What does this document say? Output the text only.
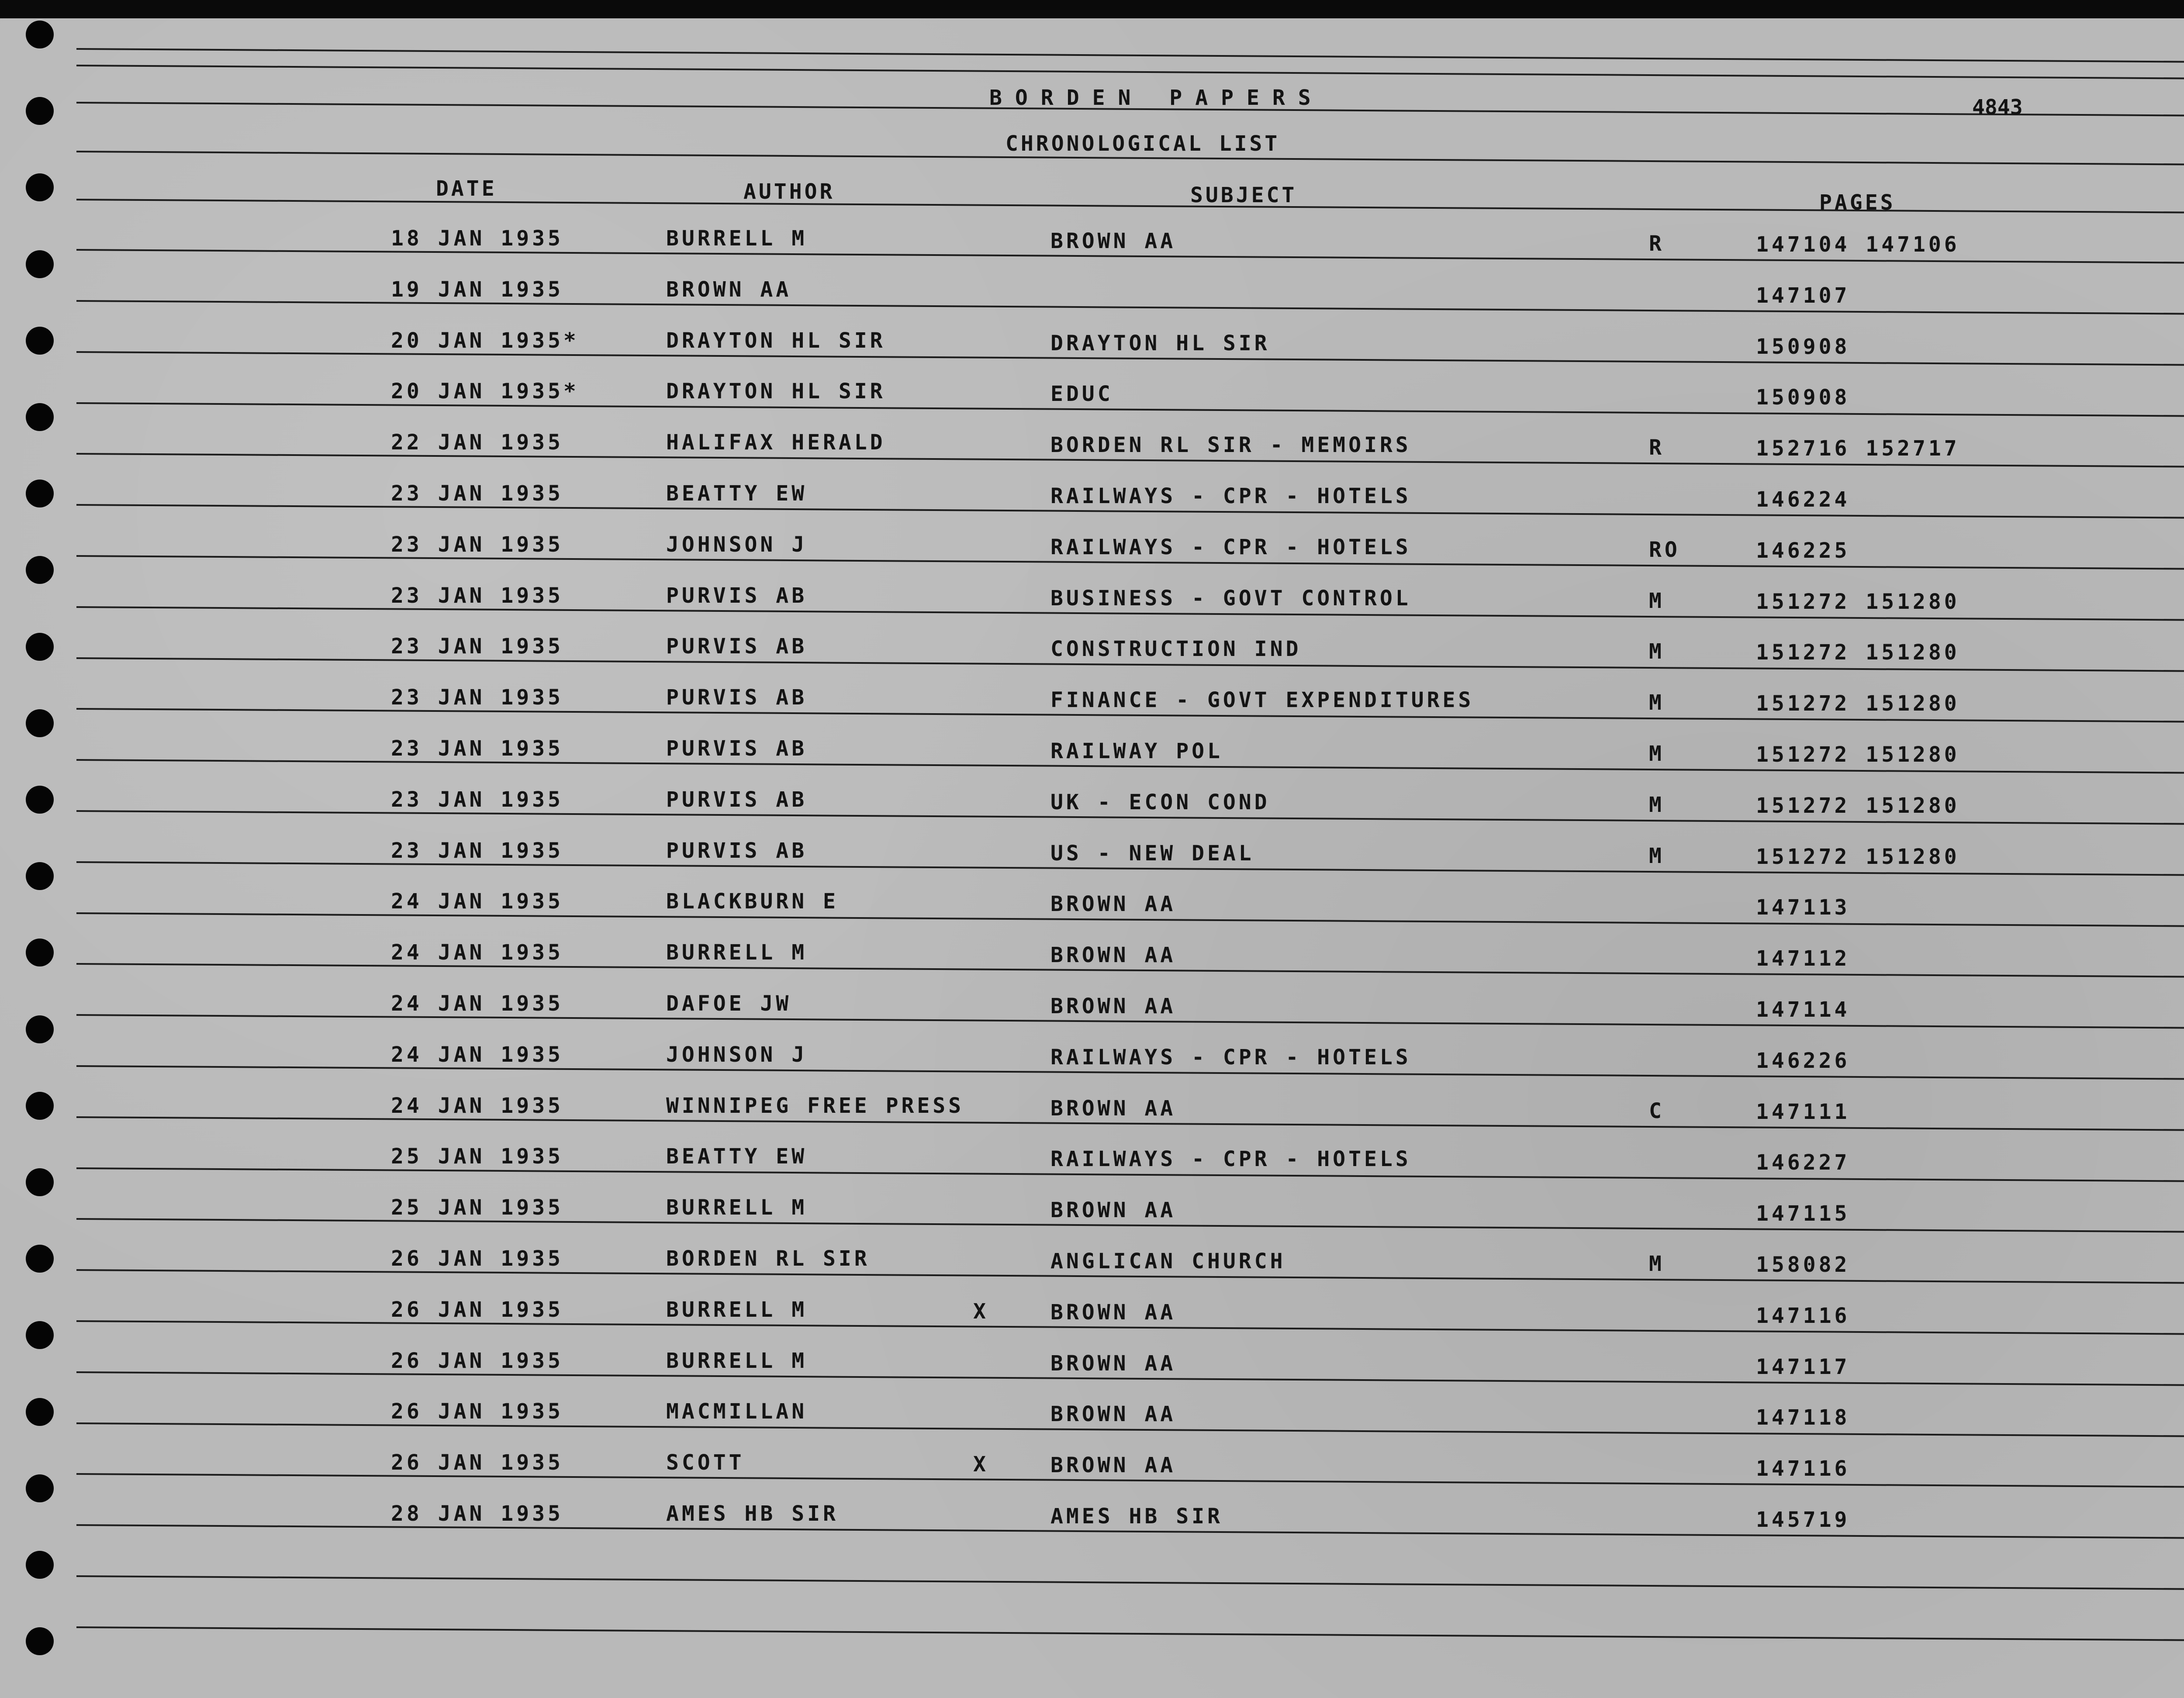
BORDEN PAPERS	4843
CHRONOLOGICAL LIST
DATE	AUTHOR	SUBJECT	PAGES
18 JAN 1935	BURRELL M	BROWN AA	R	147104 147106
19 JAN 1935	BROWN AA	147107
20 JAN 1935*	DRAYTON HL SIR	DRAYTON HL SIR	150908
20 JAN 1935*	DRAYTON HL SIR	EDUC	150908
22 JAN 1935	HALIFAX HERALD	BORDEN RL SIR - MEMOIRS	R	152716 152717
23 JAN 1935	BEATTY EW	RAILWAYS - CPR - HOTELS	146224
23 JAN 1935	JOHNSON J	RAILWAYS - CPR - HOTELS	RO	146225
23 JAN 1935	PURVIS AB	BUSINESS - GOVT CONTROL	M	151272 151280
23 JAN 1935	PURVIS AB	CONSTRUCTION IND	M	151272 151280
23 JAN 1935	PURVIS AB	FINANCE - GOVT EXPENDITURES	M	151272 151280
23 JAN 1935	PURVIS AB	RAILWAY POL	M	151272 151280
23 JAN 1935	PURVIS AB	UK - ECON COND	M	151272 151280
23 JAN 1935	PURVIS AB	US - NEW DEAL	M	151272 151280
24 JAN 1935	BLACKBURN E	BROWN AA	147113
24 JAN 1935	BURRELL M	BROWN AA	147112
24 JAN 1935	DAFOE JW	BROWN AA	147114
24 JAN 1935	JOHNSON J	RAILWAYS - CPR - HOTELS	146226
24 JAN 1935	WINNIPEG FREE PRESS	BROWN AA	C	147111
25 JAN 1935	BEATTY EW	RAILWAYS - CPR - HOTELS	146227
25 JAN 1935	BURRELL M	BROWN AA	147115
26 JAN 1935	BORDEN RL SIR	ANGLICAN CHURCH	M	158082
26 JAN 1935	BURRELL M	X	BROWN AA	147116
26 JAN 1935	BURRELL M	BROWN AA	147117
26 JAN 1935	MACMILLAN	BROWN AA	147118
26 JAN 1935	SCOTT	X	BROWN AA	147116
28 JAN 1935	AMES HB SIR	AMES HB SIR	145719
